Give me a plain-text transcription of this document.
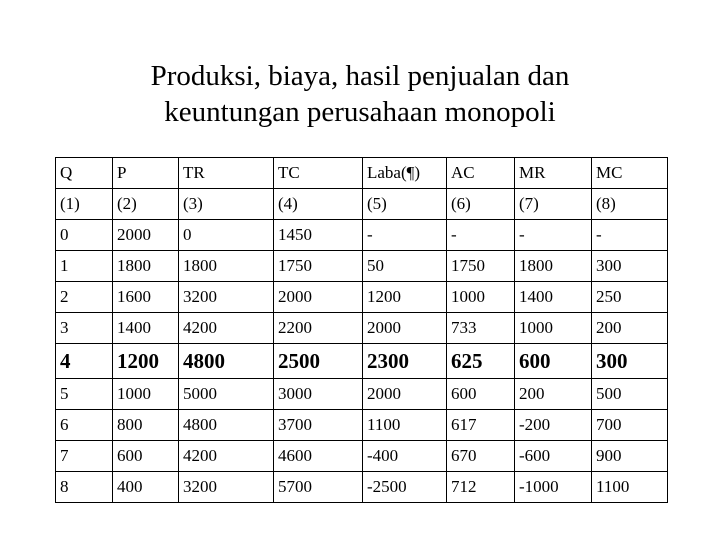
Produksi, biaya, hasil penjualan dan
keuntungan perusahaan monopoli
Q	P	TR	TC	Laba(¶)	AC	MR	MC
(1)	(2)	(3)	(4)	(5)	(6)	(7)	(8)
0	2000	0	1450	-	-	-	-
1	1800	1800	1750	50	1750	1800	300
2	1600	3200	2000	1200	1000	1400	250
3	1400	4200	2200	2000	733	1000	200
4	1200	4800	2500	2300	625	600	300
5	1000	5000	3000	2000	600	200	500
6	800	4800	3700	1100	617	-200	700
7	600	4200	4600	-400	670	-600	900
8	400	3200	5700	-2500	712	-1000	1100
